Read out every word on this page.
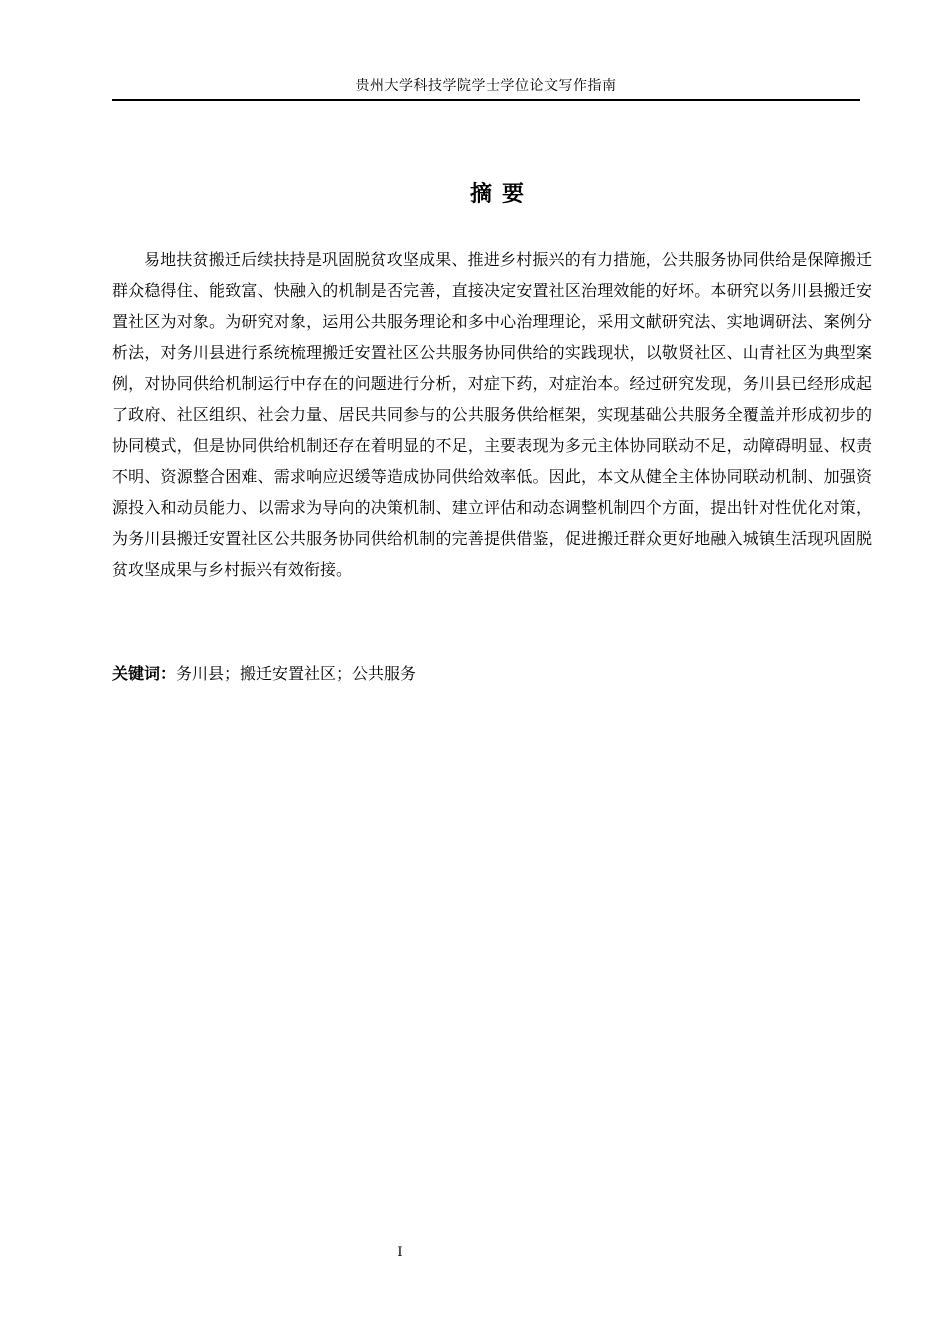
贵州大学科技学院学士学位论文写作指南
摘要

易地扶贫搬迁后续扶持是巩固脱贫攻坚成果、推进乡村振兴的有力措施，公共服务协同供给是保障搬迁群众稳得住、能致富、快融入的机制是否完善，直接决定安置社区治理效能的好坏。本研究以务川县搬迁安置社区为对象。为研究对象，运用公共服务理论和多中心治理理论，采用文献研究法、实地调研法、案例分析法，对务川县进行系统梳理搬迁安置社区公共服务协同供给的实践现状，以敬贤社区、山青社区为典型案例，对协同供给机制运行中存在的问题进行分析，对症下药，对症治本。经过研究发现，务川县已经形成起了政府、社区组织、社会力量、居民共同参与的公共服务供给框架，实现基础公共服务全覆盖并形成初步的协同模式，但是协同供给机制还存在着明显的不足，主要表现为多元主体协同联动不足，动障碍明显、权责不明、资源整合困难、需求响应迟缓等造成协同供给效率低。因此，本文从健全主体协同联动机制、加强资源投入和动员能力、以需求为导向的决策机制、建立评估和动态调整机制四个方面，提出针对性优化对策，为务川县搬迁安置社区公共服务协同供给机制的完善提供借鉴，促进搬迁群众更好地融入城镇生活现巩固脱贫攻坚成果与乡村振兴有效衔接。

关键词：务川县；搬迁安置社区；公共服务
I
